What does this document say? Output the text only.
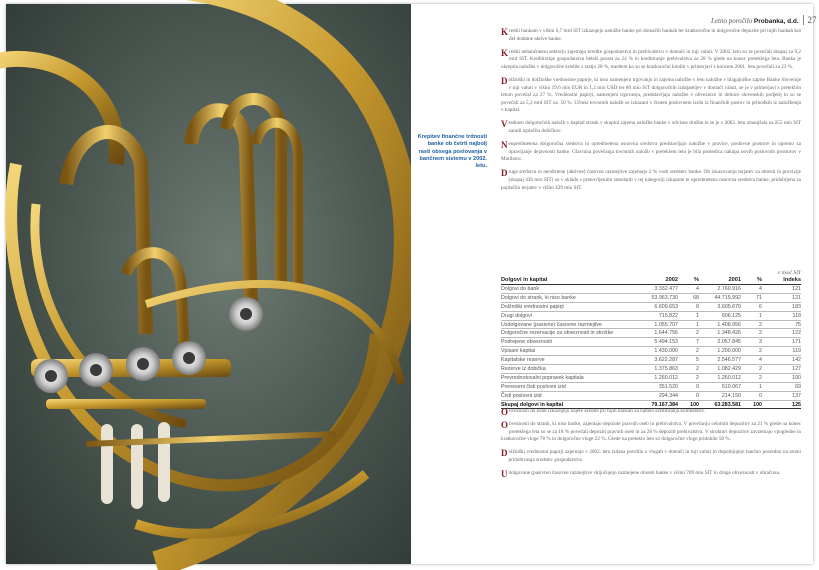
Letno poročilo Probanka, d.d. 27
Krepitev finančne trdnosti banke ob četrti najbolj rasti obsega poslovanja v bančnem sistemu v 2002. letu.

Krediti bankam v višini 6,7 mrd SIT izkazujejo naložbe banke pri domačih bankah ter kratkoročne in dolgoročne depozite pri tujih bankah kot del dodatne aktive banke.

Krediti nebančnemu sektorju zajemajo kredite gospodarstvu in prebivalstvu v domači in tuji valuti. V 2002. letu so se povečali skupaj za 9,2 mrd SIT. Kreditiranje gospodarstva beleži porast za 24 % in kreditiranje prebivalstva za 28 % glede na konec preteklega leta. Banka je okrepila naložbe v dolgoročne kredite z rastjo 28 %, medtem ko so se kratkoročni krediti v primerjavi s koncem 2001. leta povečali za 23 %.

Dolžniški in dolžniške vrednostne papirje, ki niso namenjeni trgovanju in zajema naložbe v letu naložbe v blagajniške zapise Banke Slovenije v tuji valuti v višini 19,6 mio EUR in 1,2 mio USD ter 80 mio SIT dolgoročnih izdajateljev v domači valuti, se je v primerjavi s preteklim letom povečal za 27 %. Vrednostni papirji, namenjeni trgovanju, predstavljajo naložbe v obveznice in delnice slovenskih podjetij in so se povečali za 5,2 mrd SIT oz. 50 %. Učinki tovrstnih naložb so izkazani v čistem poslovnem izidu iz finančnih poslov in prihodkih iz naložbenja v kapital.

Vrednost dolgoročnih naložb v kapital strank v skupini zajema naložbe banke v odvisne družbe in se je v 2002. letu zmanjšala za 255 mio SIT zaradi izplačila dobičkov.

Neopredmetena dolgoročna sredstva in opredmetena osnovna sredstva predstavljajo naložbe v pravice, poslovne prostore in opremo za opravljanje dejavnosti banke. Glavnina povečanja tovrstnih naložb v preteklem letu je bila posledica nakupa novih poslovnih prostorov v Mariboru.

Druga sredstva in neodtrtene (aktivne) časovne razmejitve zajemajo 2 % vseh sredstev banke. Ob izkazovanju terjatev za obresti in provizije (skupaj 436 mio SIT) so v skladu s prenovljenimi standardi v tej kategoriji izkazane te opredmetena osnovna sredstva banke, pridobljena za poplačilo terjatev v višini 429 mio SIT.

v tisoč SIT
Dolgovi in kapital	2002	%	2001	%	Indeks
Dolgovi do bank	3.332.477	4	2.760.916	4	121
Dolgovi do strank, ki niso banke	53.963.730	68	44.715.992	71	121
Dolžniški vrednostni papirji	6.609.653	8	3.605.670	6	183
Drugi dolgovi	715.822	1	606.125	1	118
Uzdolgovane (pasivne) časovne razmejitve	1.055.707	1	1.408.956	2	75
Dolgoročne rezervacije za obveznosti in stroške	1.644.756	2	1.348.426	2	122
Podrejene obveznosti	5.494.153	7	2.057.845	3	171
Vpisani kapital	1.430.000	2	1.200.000	2	119
Kapitalske rezerve	3.622.287	5	2.546.577	4	142
Rezerve iz dobička	1.375.863	2	1.082.429	2	127
Prevrednotovalni popravek kapitala	1.260.012	2	1.260.012	2	100
Preneseni čisti poslovni izid	351.520	0	510.067	1	69
Čisti poslovni izid	294.344	0	214.150	0	137
Skupaj dolgovi in kapital	79.167.384	100	63.283.581	100	125

Obveznosti do bank izkazujejo najete kredite pri tujih bankah za namen kreditiranja komitentov.

Obveznosti do strank, ki niso banke, zajemajo depozite pravnih oseb in prebivalstva. V povečanju celotnih depozitov za 21 % glede na konec preteklega leta so se za 18 % povečali depoziti pravnih oseb in za 28 % depoziti prebivalstva. V strukturi depozitov zavzemajo vpogledne in kratkoročne vloge 78 % in dolgoročne vloge 22 %. Glede na preteklo leto so dolgoročne vloge pridobile 58 %.

Dolžniški vrednostni papirji zajemajo v 2002. letu izdana potrdila o vlogah v domači in tuji valuti in dopolnjujejo bančno posredno na strani pridobivanja sredstev gospodarstva.

Udolgovane (pasivne) časovne razmejitve vključujejo razmejene obresti banke v višini 709 mio SIT in druge obveznosti v obračunu.
